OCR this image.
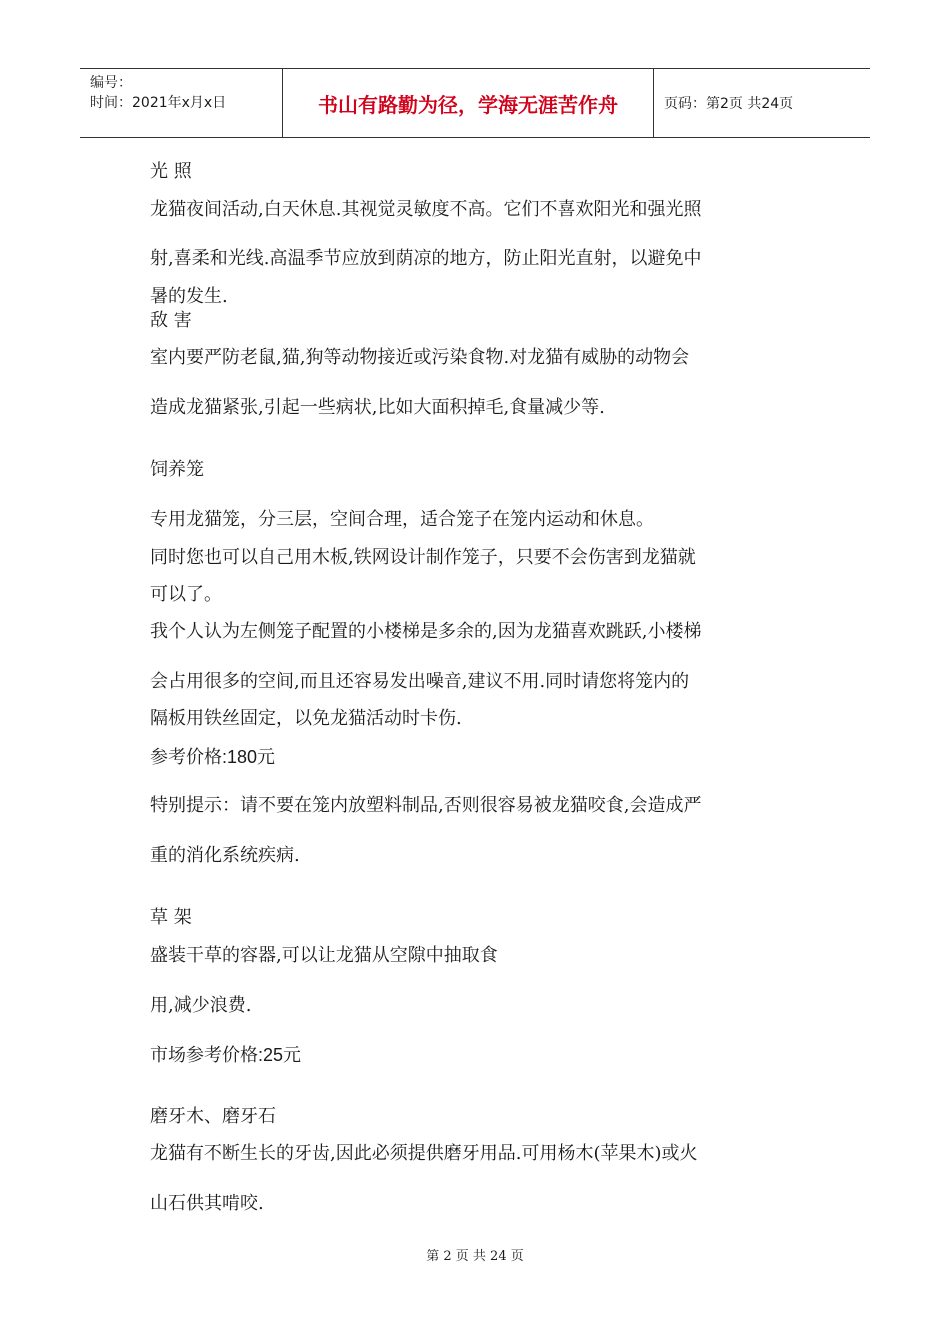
编号：
时间：2021年x月x日	书山有路勤为径，学海无涯苦作舟	页码：第2页 共24页
光 照
龙猫夜间活动,白天休息.其视觉灵敏度不高。它们不喜欢阳光和强光照
射,喜柔和光线.高温季节应放到荫凉的地方，防止阳光直射，以避免中
暑的发生.
敌 害
室内要严防老鼠,猫,狗等动物接近或污染食物.对龙猫有威胁的动物会
造成龙猫紧张,引起一些病状,比如大面积掉毛,食量减少等.
饲养笼
专用龙猫笼，分三层，空间合理，适合笼子在笼内运动和休息。
同时您也可以自己用木板,铁网设计制作笼子，只要不会伤害到龙猫就
可以了。
我个人认为左侧笼子配置的小楼梯是多余的,因为龙猫喜欢跳跃,小楼梯
会占用很多的空间,而且还容易发出噪音,建议不用.同时请您将笼内的
隔板用铁丝固定，以免龙猫活动时卡伤.
参考价格:180元
特别提示：请不要在笼内放塑料制品,否则很容易被龙猫咬食,会造成严
重的消化系统疾病.
草 架
盛装干草的容器,可以让龙猫从空隙中抽取食
用,减少浪费.
市场参考价格:25元
磨牙木、磨牙石
龙猫有不断生长的牙齿,因此必须提供磨牙用品.可用杨木(苹果木)或火
山石供其啃咬.
第 2 页 共 24 页
